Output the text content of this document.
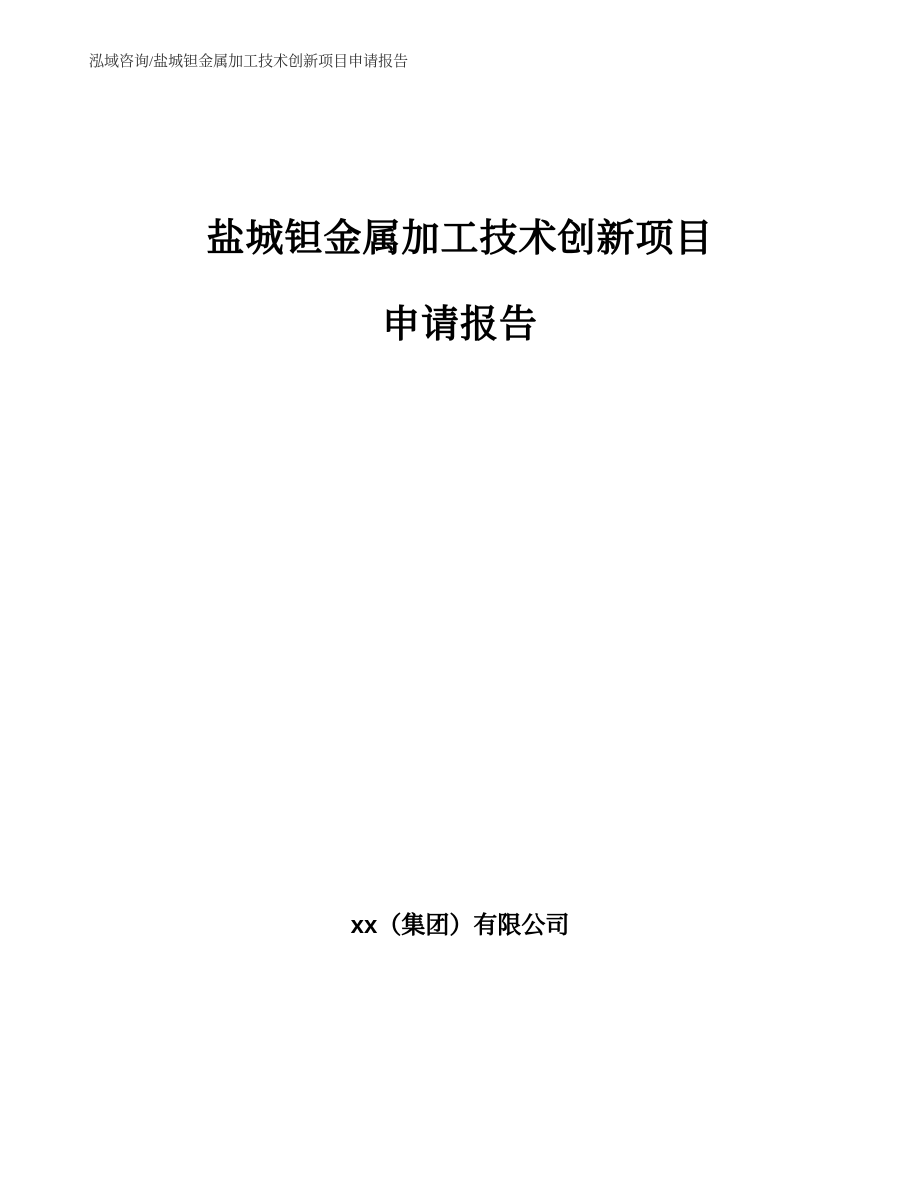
泓域咨询/盐城钽金属加工技术创新项目申请报告
盐城钽金属加工技术创新项目
申请报告
xx（集团）有限公司
